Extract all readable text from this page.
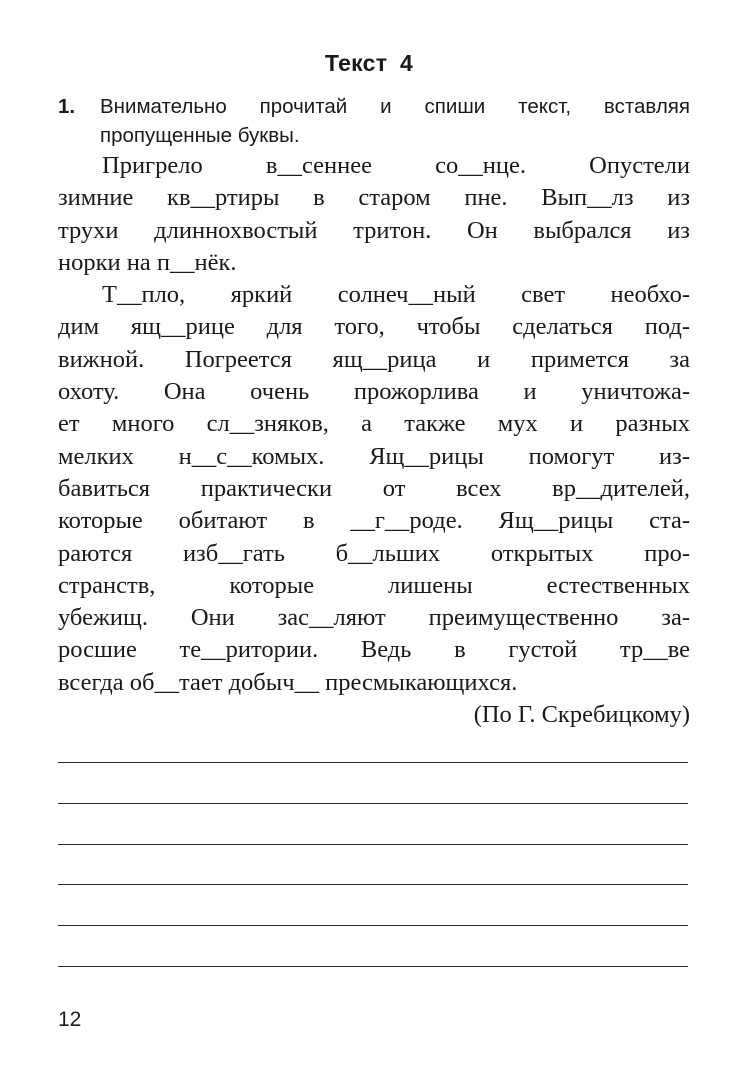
Текст 4
1. Внимательно прочитай и спиши текст, вставляя пропущенные буквы.
Пригрело в__сеннее со__нце. Опустели
зимние кв__ртиры в старом пне. Вып__лз из
трухи длиннохвостый тритон. Он выбрался из
норки на п__нёк.
Т__пло, яркий солнеч__ный свет необхо-
дим ящ__рице для того, чтобы сделаться под-
вижной. Погреется ящ__рица и примется за
охоту. Она очень прожорлива и уничтожа-
ет много сл__зняков, а также мух и разных
мелких н__с__комых. Ящ__рицы помогут из-
бавиться практически от всех вр__дителей,
которые обитают в __г__роде. Ящ__рицы ста-
раются изб__гать б__льших открытых про-
странств, которые лишены естественных
убежищ. Они зас__ляют преимущественно за-
росшие те__ритории. Ведь в густой тр__ве
всегда об__тает добыч__ пресмыкающихся.
(По Г. Скребицкому)
12
